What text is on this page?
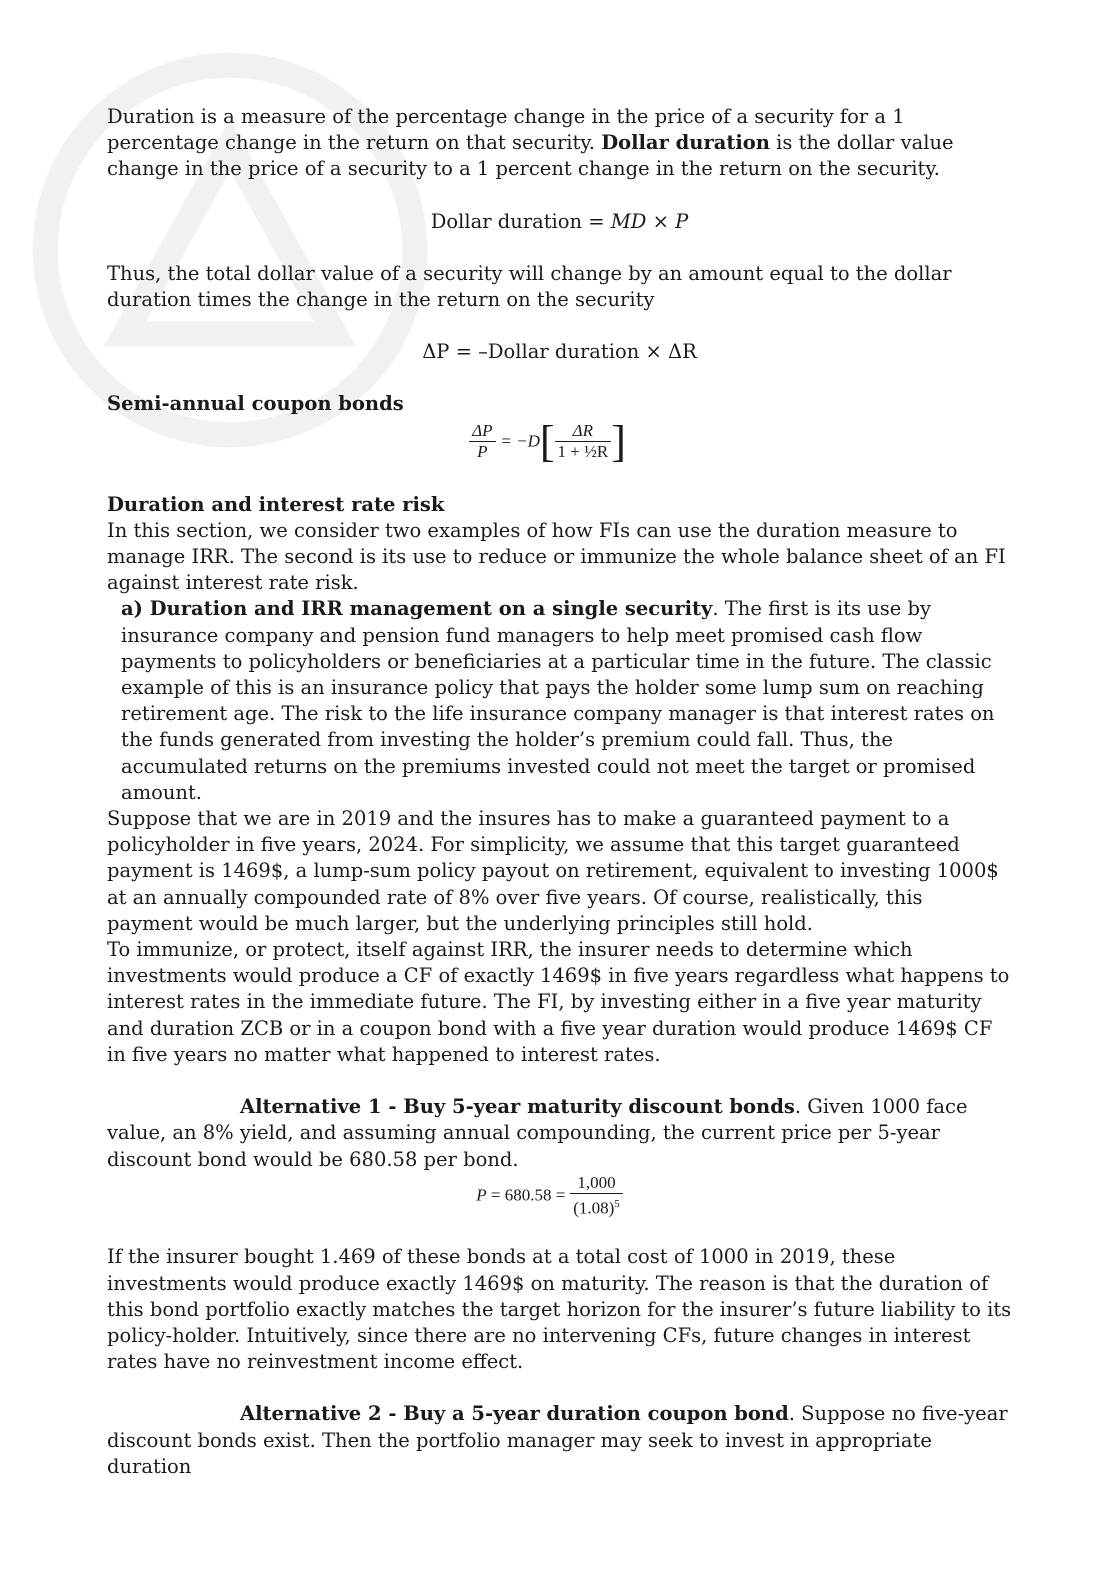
Duration is a measure of the percentage change in the price of a security for a 1 percentage change in the return on that security. Dollar duration is the dollar value change in the price of a security to a 1 percent change in the return on the security.

Dollar duration = MD × P

Thus, the total dollar value of a security will change by an amount equal to the dollar duration times the change in the return on the security

ΔP = –Dollar duration × ΔR

Semi-annual coupon bonds

$\frac{\Delta P}{P} = -D[ \frac{\Delta R}{\text{1 + ½R}}$ ]

Duration and interest rate risk

In this section, we consider two examples of how FIs can use the duration measure to manage IRR. The second is its use to reduce or immunize the whole balance sheet of an FI against interest rate risk.

a) Duration and IRR management on a single security. The first is its use by insurance company and pension fund managers to help meet promised cash flow payments to policyholders or beneficiaries at a particular time in the future. The classic example of this is an insurance policy that pays the holder some lump sum on reaching retirement age. The risk to the life insurance company manager is that interest rates on the funds generated from investing the holder’s premium could fall. Thus, the accumulated returns on the premiums invested could not meet the target or promised amount.

Suppose that we are in 2019 and the insures has to make a guaranteed payment to a policyholder in five years, 2024. For simplicity, we assume that this target guaranteed payment is 1469$, a lump-sum policy payout on retirement, equivalent to investing 1000$ at an annually compounded rate of 8% over five years. Of course, realistically, this payment would be much larger, but the underlying principles still hold.

To immunize, or protect, itself against IRR, the insurer needs to determine which investments would produce a CF of exactly 1469$ in five years regardless what happens to interest rates in the immediate future. The FI, by investing either in a five year maturity and duration ZCB or in a coupon bond with a five year duration would produce 1469$ CF in five years no matter what happened to interest rates.

Alternative 1 - Buy 5-year maturity discount bonds. Given 1000 face value, an 8% yield, and assuming annual compounding, the current price per 5-year discount bond would be 680.58 per bond.

$P = 680.58 = \frac{1,000}{(1.08)^5}$

If the insurer bought 1.469 of these bonds at a total cost of 1000 in 2019, these investments would produce exactly 1469$ on maturity. The reason is that the duration of this bond portfolio exactly matches the target horizon for the insurer’s future liability to its policy-holder. Intuitively, since there are no intervening CFs, future changes in interest rates have no reinvestment income effect.

Alternative 2 - Buy a 5-year duration coupon bond. Suppose no five-year discount bonds exist. Then the portfolio manager may seek to invest in appropriate duration
